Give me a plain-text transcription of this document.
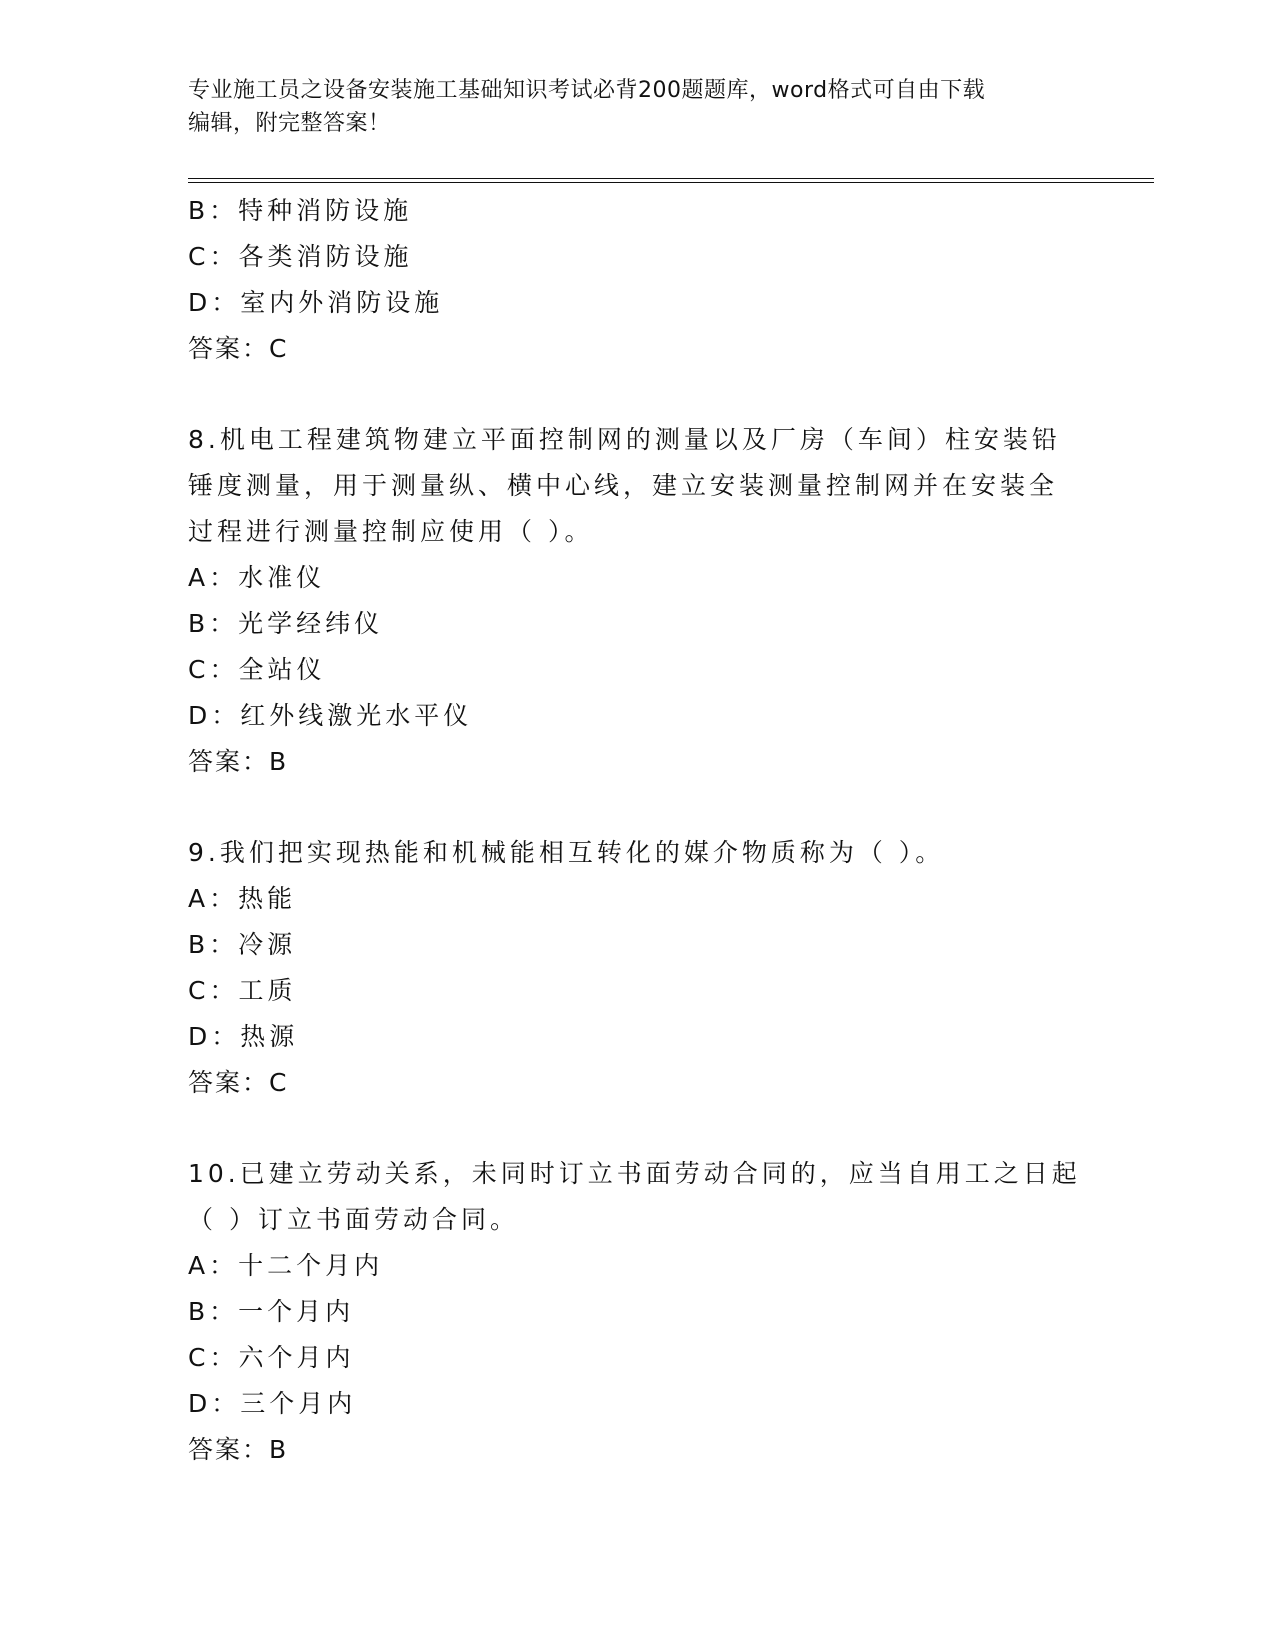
专业施工员之设备安装施工基础知识考试必背200题题库，word格式可自由下载
编辑，附完整答案！
B：特种消防设施
C：各类消防设施
D：室内外消防设施
答案：C
8.机电工程建筑物建立平面控制网的测量以及厂房（车间）柱安装铅
锤度测量，用于测量纵、横中心线，建立安装测量控制网并在安装全
过程进行测量控制应使用（ ）。
A：水准仪
B：光学经纬仪
C：全站仪
D：红外线激光水平仪
答案：B
9.我们把实现热能和机械能相互转化的媒介物质称为（ ）。
A：热能
B：冷源
C：工质
D：热源
答案：C
10.已建立劳动关系，未同时订立书面劳动合同的，应当自用工之日起
（ ）订立书面劳动合同。
A：十二个月内
B：一个月内
C：六个月内
D：三个月内
答案：B
